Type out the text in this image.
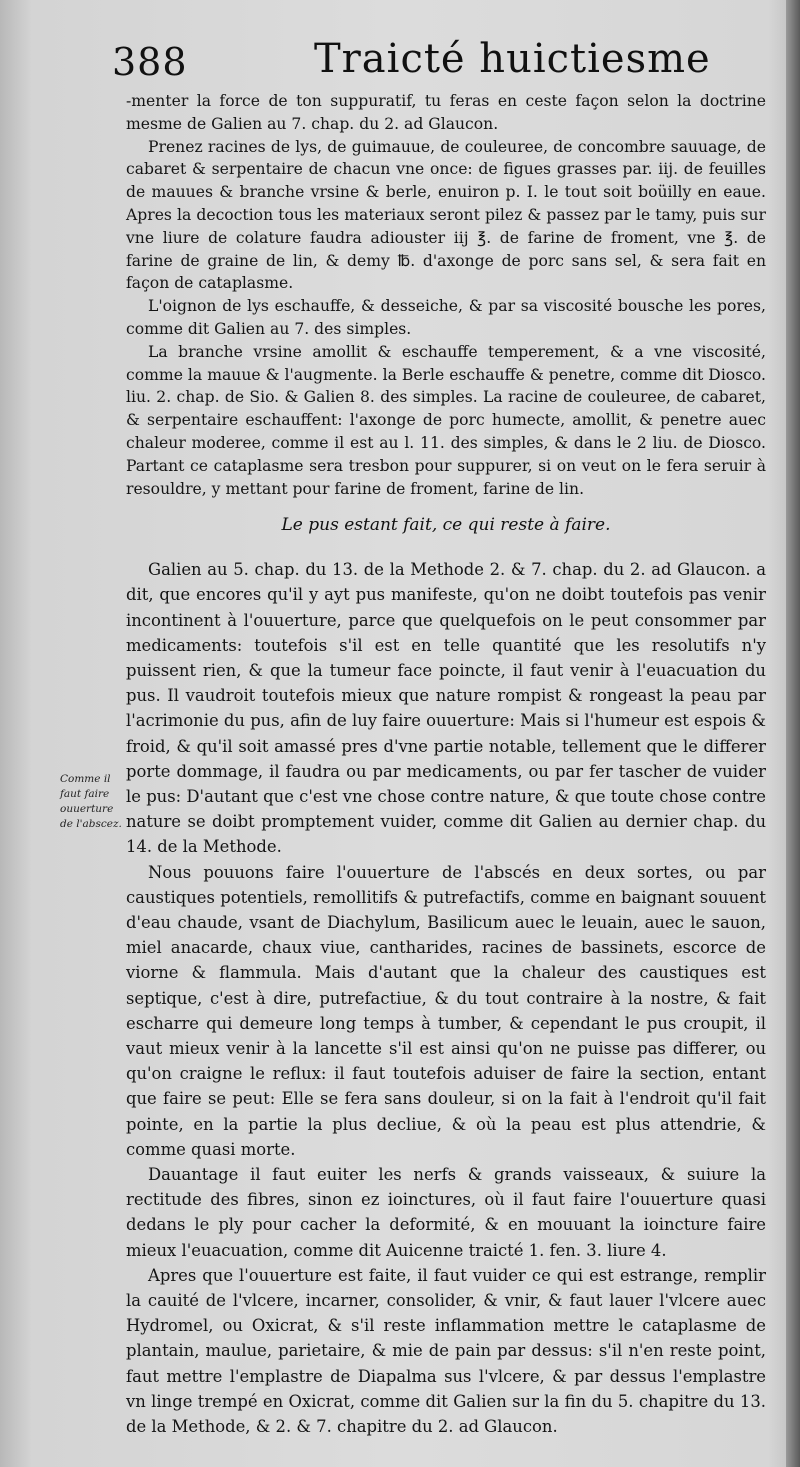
388	Traicté huictiesme
Comme il
faut faire
ouuerture
de l'abscez.

-menter la force de ton suppuratif, tu feras en ceste façon selon la doctrine mesme de Galien au 7. chap. du 2. ad Glaucon.

Prenez racines de lys, de guimauue, de couleuree, de concombre sauuage, de cabaret & serpentaire de chacun vne once: de figues grasses par. iij. de feuilles de mauues & branche vrsine & berle, enuiron p. I. le tout soit boüilly en eaue. Apres la decoction tous les materiaux seront pilez & passez par le tamy, puis sur vne liure de colature faudra adiouster iij ℥. de farine de froment, vne ℥. de farine de graine de lin, & demy ℔. d'axonge de porc sans sel, & sera fait en façon de cataplasme.

L'oignon de lys eschauffe, & desseiche, & par sa viscosité bousche les pores, comme dit Galien au 7. des simples.

La branche vrsine amollit & eschauffe temperement, & a vne viscosité, comme la mauue & l'augmente. la Berle eschauffe & penetre, comme dit Diosco. liu. 2. chap. de Sio. & Galien 8. des simples. La racine de couleuree, de cabaret, & serpentaire eschauffent: l'axonge de porc humecte, amollit, & penetre auec chaleur moderee, comme il est au l. 11. des simples, & dans le 2 liu. de Diosco. Partant ce cataplasme sera tresbon pour suppurer, si on veut on le fera seruir à resouldre, y mettant pour farine de froment, farine de lin.

Le pus estant fait, ce qui reste à faire.

Galien au 5. chap. du 13. de la Methode 2. & 7. chap. du 2. ad Glaucon. a dit, que encores qu'il y ayt pus manifeste, qu'on ne doibt toutefois pas venir incontinent à l'ouuerture, parce que quelquefois on le peut consommer par medicaments: toutefois s'il est en telle quantité que les resolutifs n'y puissent rien, & que la tumeur face poincte, il faut venir à l'euacuation du pus. Il vaudroit toutefois mieux que nature rompist & rongeast la peau par l'acrimonie du pus, afin de luy faire ouuerture: Mais si l'humeur est espois & froid, & qu'il soit amassé pres d'vne partie notable, tellement que le differer porte dommage, il faudra ou par medicaments, ou par fer tascher de vuider le pus: D'autant que c'est vne chose contre nature, & que toute chose contre nature se doibt promptement vuider, comme dit Galien au dernier chap. du 14. de la Methode.

Nous pouuons faire l'ouuerture de l'abscés en deux sortes, ou par caustiques potentiels, remollitifs & putrefactifs, comme en baignant souuent d'eau chaude, vsant de Diachylum, Basilicum auec le leuain, auec le sauon, miel anacarde, chaux viue, cantharides, racines de bassinets, escorce de viorne & flammula. Mais d'autant que la chaleur des caustiques est septique, c'est à dire, putrefactiue, & du tout contraire à la nostre, & fait escharre qui demeure long temps à tumber, & cependant le pus croupit, il vaut mieux venir à la lancette s'il est ainsi qu'on ne puisse pas differer, ou qu'on craigne le reflux: il faut toutefois aduiser de faire la section, entant que faire se peut: Elle se fera sans douleur, si on la fait à l'endroit qu'il fait pointe, en la partie la plus decliue, & où la peau est plus attendrie, & comme quasi morte.

Dauantage il faut euiter les nerfs & grands vaisseaux, & suiure la rectitude des fibres, sinon ez ioinctures, où il faut faire l'ouuerture quasi dedans le ply pour cacher la deformité, & en mouuant la ioincture faire mieux l'euacuation, comme dit Auicenne traicté 1. fen. 3. liure 4.

Apres que l'ouuerture est faite, il faut vuider ce qui est estrange, remplir la cauité de l'vlcere, incarner, consolider, & vnir, & faut lauer l'vlcere auec Hydromel, ou Oxicrat, & s'il reste inflammation mettre le cataplasme de plantain, maulue, parietaire, & mie de pain par dessus: s'il n'en reste point, faut mettre l'emplastre de Diapalma sus l'vlcere, & par dessus l'emplastre vn linge trempé en Oxicrat, comme dit Galien sur la fin du 5. chapitre du 13. de la Methode, & 2. & 7. chapitre du 2. ad Glaucon.
